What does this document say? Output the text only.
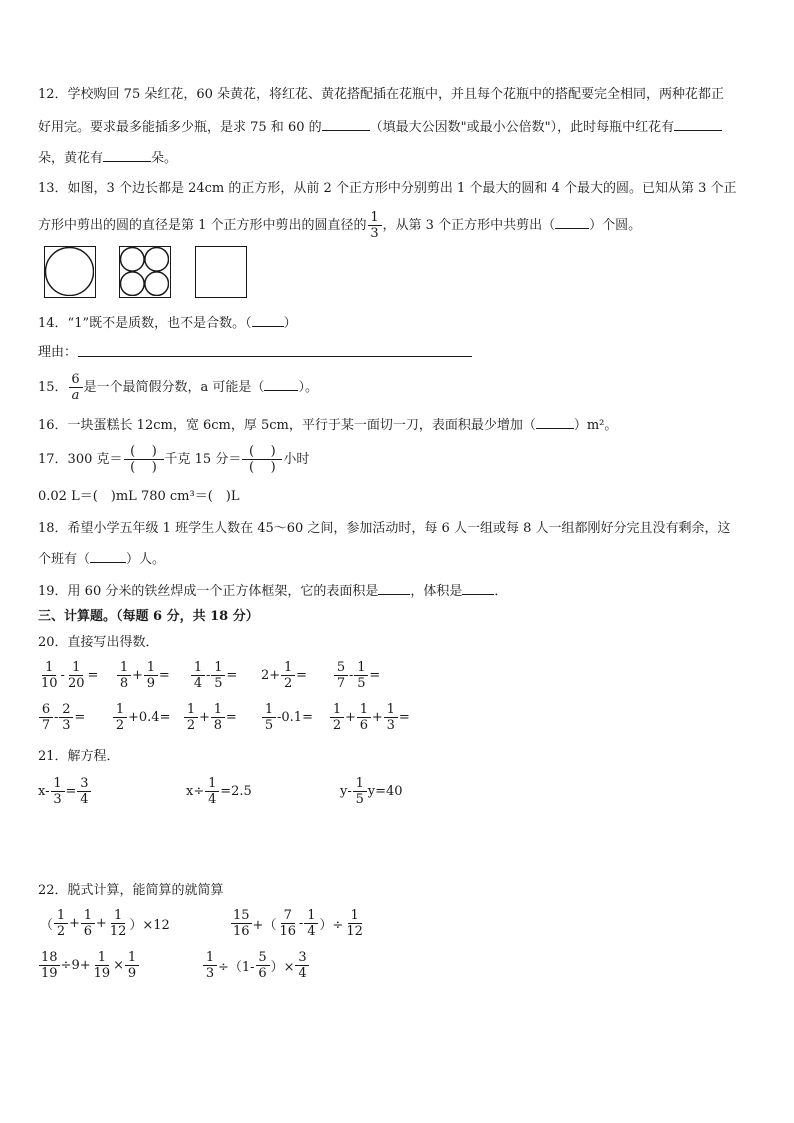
12．学校购回 75 朵红花，60 朵黄花，将红花、黄花搭配插在花瓶中，并且每个花瓶中的搭配要完全相同，两种花都正
好用完。要求最多能插多少瓶，是求 75 和 60 的	（填最大公因数"或最小公倍数"），此时每瓶中红花有
朵，黄花有	朵。
13．如图，3 个边长都是 24cm 的正方形，从前 2 个正方形中分别剪出 1 个最大的圆和 4 个最大的圆。已知从第 3 个正
方形中剪出的圆的直径是第 1 个正方形中剪出的圆直径的 $\frac{1}{3}$ ，从第 3 个正方形中共剪出（	）个圆。
14．“1”既不是质数，也不是合数。（ ）
理由：
15． $\frac{6}{a}$ 是一个最简假分数，a 可能是（	）。
16．一块蛋糕长 12cm，宽 6cm，厚 5cm，平行于某一面切一刀，表面积最少增加（	）m²。
17．300 克＝ $\frac{( )}{( )}$ 千克 15 分＝ $\frac{( )}{( )}$ 小时
0.02 L＝(　)mL 780 cm³＝(　)L
18．希望小学五年级 1 班学生人数在 45～60 之间，参加活动时，每 6 人一组或每 8 人一组都刚好分完且没有剩余，这
个班有（	）人。
19．用 60 分米的铁丝焊成一个正方体框架，它的表面积是 ，体积是 ．
三、计算题。（每题 6 分，共 18 分）
20．直接写出得数．
$\frac{1}{10} - \frac{1}{20} = \frac{1}{8} + \frac{1}{9} = \frac{1}{4} - \frac{1}{5} = 2+ \frac{1}{2} = \frac{5}{7} - \frac{1}{5}$ =
$\frac{6}{7} - \frac{2}{3} = \frac{1}{2} +0.4= \frac{1}{2} + \frac{1}{8} = \frac{1}{5} -0.1= \frac{1}{2} + \frac{1}{6} + \frac{1}{3}$ =
21．解方程．
$x- \frac{1}{3} = \frac{3}{4}$	$x\div \frac{1}{4} =2.5$	$y- \frac{1}{5} y=40$
22．脱式计算，能简算的就简算
（ $\frac{1}{2} + \frac{1}{6} + \frac{1}{12} )\times 12$	$\frac{15}{16}$ +（ $\frac{7}{16} - \frac{1}{4}$ ）÷ $\frac{1}{12}$
$\frac{18}{19} \div 9+ \frac{1}{19} \times \frac{1}{9}$	$\frac{1}{3} \div(1- \frac{5}{6}$ ）× $\frac{3}{4}$
